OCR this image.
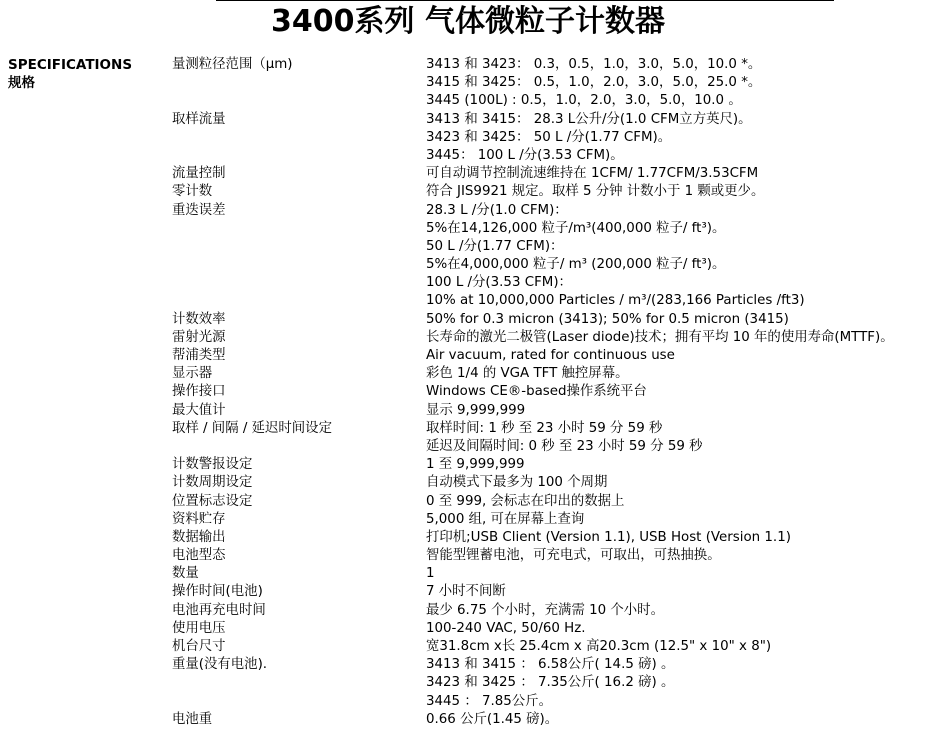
3400系列 气体微粒子计数器
SPECIFICATIONS
规格
量测粒径范围（μm)	3413 和 3423： 0.3，0.5，1.0，3.0，5.0，10.0 *。
3415 和 3425： 0.5，1.0，2.0，3.0，5.0，25.0 *。
3445 (100L) : 0.5，1.0，2.0，3.0，5.0，10.0 。
取样流量	3413 和 3415： 28.3 L公升/分(1.0 CFM立方英尺)。
3423 和 3425： 50 L /分(1.77 CFM)。
3445： 100 L /分(3.53 CFM)。
流量控制	可自动调节控制流速维持在 1CFM/ 1.77CFM/3.53CFM
零计数	符合 JIS9921 规定。取样 5 分钟 计数小于 1 颗或更少。
重迭误差	28.3 L /分(1.0 CFM)：
5%在14,126,000 粒子/m³(400,000 粒子/ ft³)。
50 L /分(1.77 CFM)：
5%在4,000,000 粒子/ m³ (200,000 粒子/ ft³)。
100 L /分(3.53 CFM)：
10% at 10,000,000 Particles / m³/(283,166 Particles /ft3)
计数效率	50% for 0.3 micron (3413); 50% for 0.5 micron (3415)
雷射光源	长寿命的激光二极管(Laser diode)技术；拥有平均 10 年的使用寿命(MTTF)。
帮浦类型	Air vacuum, rated for continuous use
显示器	彩色 1/4 的 VGA TFT 触控屏幕。
操作接口	Windows CE®-based操作系统平台
最大值计	显示 9,999,999
取样 / 间隔 / 延迟时间设定	取样时间: 1 秒 至 23 小时 59 分 59 秒
延迟及间隔时间: 0 秒 至 23 小时 59 分 59 秒
计数警报设定	1 至 9,999,999
计数周期设定	自动模式下最多为 100 个周期
位置标志设定	0 至 999, 会标志在印出的数据上
资料贮存	5,000 组, 可在屏幕上查询
数据输出	打印机;USB Client (Version 1.1), USB Host (Version 1.1)
电池型态	智能型锂蓄电池，可充电式，可取出，可热抽换。
数量	1
操作时间(电池)	7 小时不间断
电池再充电时间	最少 6.75 个小时，充满需 10 个小时。
使用电压	100-240 VAC, 50/60 Hz.
机台尺寸	宽31.8cm x长 25.4cm x 高20.3cm (12.5" x 10" x 8")
重量(没有电池).	3413 和 3415 ： 6.58公斤( 14.5 磅) 。
3423 和 3425 ： 7.35公斤( 16.2 磅) 。
3445 ： 7.85公斤。
电池重	0.66 公斤(1.45 磅)。
